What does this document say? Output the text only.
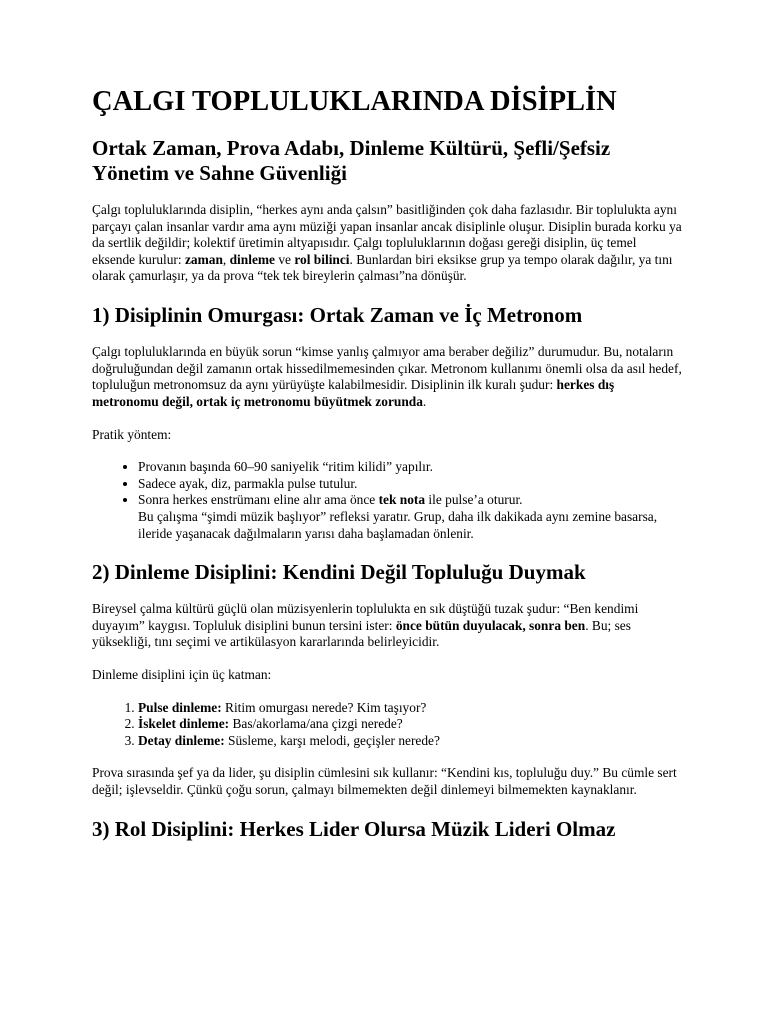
ÇALGI TOPLULUKLARINDA DİSİPLİN
Ortak Zaman, Prova Adabı, Dinleme Kültürü, Şefli/Şefsiz Yönetim ve Sahne Güvenliği

Çalgı topluluklarında disiplin, “herkes aynı anda çalsın” basitliğinden çok daha fazlasıdır. Bir toplulukta aynı parçayı çalan insanlar vardır ama aynı müziği yapan insanlar ancak disiplinle oluşur. Disiplin burada korku ya da sertlik değildir; kolektif üretimin altyapısıdır. Çalgı topluluklarının doğası gereği disiplin, üç temel eksende kurulur: zaman, dinleme ve rol bilinci. Bunlardan biri eksikse grup ya tempo olarak dağılır, ya tını olarak çamurlaşır, ya da prova “tek tek bireylerin çalması”na dönüşür.

1) Disiplinin Omurgası: Ortak Zaman ve İç Metronom

Çalgı topluluklarında en büyük sorun “kimse yanlış çalmıyor ama beraber değiliz” durumudur. Bu, notaların doğruluğundan değil zamanın ortak hissedilmemesinden çıkar. Metronom kullanımı önemli olsa da asıl hedef, topluluğun metronomsuz da aynı yürüyüşte kalabilmesidir. Disiplinin ilk kuralı şudur: herkes dış metronomu değil, ortak iç metronomu büyütmek zorunda.

Pratik yöntem:

• Provanın başında 60–90 saniyelik “ritim kilidi” yapılır.
• Sadece ayak, diz, parmakla pulse tutulur.
• Sonra herkes enstrümanı eline alır ama önce tek nota ile pulse’a oturur.
Bu çalışma “şimdi müzik başlıyor” refleksi yaratır. Grup, daha ilk dakikada aynı zemine basarsa, ileride yaşanacak dağılmaların yarısı daha başlamadan önlenir.
2) Dinleme Disiplini: Kendini Değil Topluluğu Duymak

Bireysel çalma kültürü güçlü olan müzisyenlerin toplulukta en sık düştüğü tuzak şudur: “Ben kendimi duyayım” kaygısı. Topluluk disiplini bunun tersini ister: önce bütün duyulacak, sonra ben. Bu; ses yüksekliği, tını seçimi ve artikülasyon kararlarında belirleyicidir.

Dinleme disiplini için üç katman:

1. Pulse dinleme: Ritim omurgası nerede? Kim taşıyor?
2. İskelet dinleme: Bas/akorlama/ana çizgi nerede?
3. Detay dinleme: Süsleme, karşı melodi, geçişler nerede?

Prova sırasında şef ya da lider, şu disiplin cümlesini sık kullanır: “Kendini kıs, topluluğu duy.” Bu cümle sert değil; işlevseldir. Çünkü çoğu sorun, çalmayı bilmemekten değil dinlemeyi bilmemekten kaynaklanır.

3) Rol Disiplini: Herkes Lider Olursa Müzik Lideri Olmaz
